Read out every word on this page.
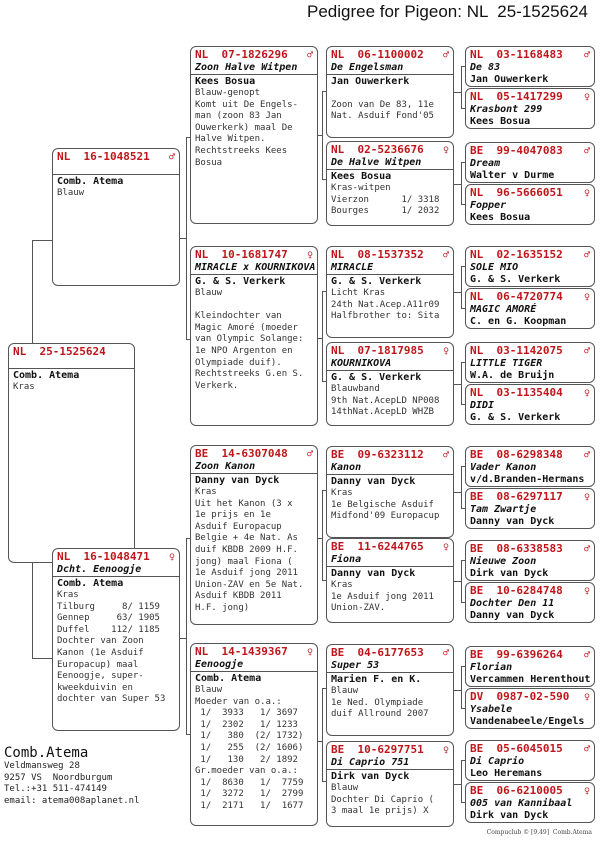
Pedigree for Pigeon: NL  25-1525624
NL  25-1525624
Comb. Atema
Kras
NL  16-1048521 ♂
Comb. Atema
Blauw
NL  16-1048471 ♀
Dcht. Eenoogje
Comb. Atema
Kras
Tilburg     8/ 1159
Gennep     63/ 1905
Duffel    112/ 1185
Dochter van Zoon
Kanon (1e Asduif
Europacup) maal
Eenoogje, super-
kweekduivin en
dochter van Super 53
NL  07-1826296 ♂
Zoon Halve Witpen
Kees Bosua
Blauw-genopt
Komt uit De Engels-
man (zoon 83 Jan
Ouwerkerk) maal De
Halve Witpen.
Rechtstreeks Kees
Bosua
NL  10-1681747 ♀
MIRACLE x KOURNIKOVA
G. & S. Verkerk
Blauw
Kleindochter van
Magic Amoré (moeder
van Olympic Solange:
1e NPO Argenton en
Olympiade duif).
Rechtstreeks G.en S.
Verkerk.
BE  14-6307048 ♂
Zoon Kanon
Danny van Dyck
Kras
Uit het Kanon (3 x
1e prijs en 1e
Asduif Europacup
Belgie + 4e Nat. As
duif KBDB 2009 H.F.
jong) maal Fiona (
1e Asduif jong 2011
Union-ZAV en 5e Nat.
Asduif KBDB 2011
H.F. jong)
NL  14-1439367 ♀
Eenoogje
Comb. Atema
Blauw
Moeder van o.a.:
1/  3933   1/ 3697
1/  2302   1/ 1233
1/   380  (2/ 1732)
1/   255  (2/ 1606)
1/   130   2/ 1892
Gr.moeder van o.a.:
1/  8630   1/  7759
1/  3272   1/  2799
1/  2171   1/  1677
NL  06-1100002 ♂
De Engelsman
Jan Ouwerkerk
Zoon van De 83, 11e
Nat. Asduif Fond'05
NL  02-5236676 ♀
De Halve Witpen
Kees Bosua
Kras-witpen
Vierzon      1/ 3318
Bourges      1/ 2032
NL  08-1537352 ♂
MIRACLE
G. & S. Verkerk
Licht Kras
24th Nat.Acep.A11r09
Halfbrother to: Sita
NL  07-1817985 ♀
KOURNIKOVA
G. & S. Verkerk
Blauwband
9th Nat.AcepLD NP008
14thNat.AcepLD WHZB
BE  09-6323112 ♂
Kanon
Danny van Dyck
Kras
1e Belgische Asduif
Midfond'09 Europacup
BE  11-6244765 ♀
Fiona
Danny van Dyck
Kras
1e Asduif jong 2011
Union-ZAV.
BE  04-6177653 ♂
Super 53
Marien F. en K.
Blauw
1e Ned. Olympiade
duif Allround 2007
BE  10-6297751 ♀
Di Caprio 751
Dirk van Dyck
Blauw
Dochter Di Caprio (
3 maal 1e prijs) X
NL  03-1168483 ♂
De 83
Jan Ouwerkerk
NL  05-1417299 ♀
Krasbont 299
Kees Bosua
BE  99-4047083 ♂
Dream
Walter v Durme
NL  96-5666051 ♀
Fopper
Kees Bosua
NL  02-1635152 ♂
SOLE MIO
G. & S. Verkerk
NL  06-4720774 ♀
MAGIC AMORÉ
C. en G. Koopman
NL  03-1142075 ♂
LITTLE TIGER
W.A. de Bruijn
NL  03-1135404 ♀
DIDI
G. & S. Verkerk
BE  08-6298348 ♂
Vader Kanon
v/d.Branden-Hermans
BE  08-6297117 ♀
Tam Zwartje
Danny van Dyck
BE  08-6338583 ♂
Nieuwe Zoon
Dirk van Dyck
BE  10-6284748 ♀
Dochter Den 11
Danny van Dyck
BE  99-6396264 ♂
Florian
Vercammen Herenthout
DV  0987-02-590 ♀
Ysabele
Vandenabeele/Engels
BE  05-6045015 ♂
Di Caprio
Leo Heremans
BE  06-6210005 ♀
005 van Kannibaal
Dirk van Dyck
Comb.Atema
Veldmansweg 28
9257 VS  Noordburgum
Tel.:+31 511-474149
email: atema008aplanet.nl
Compuclub © [9.49]  Comb.Atema
